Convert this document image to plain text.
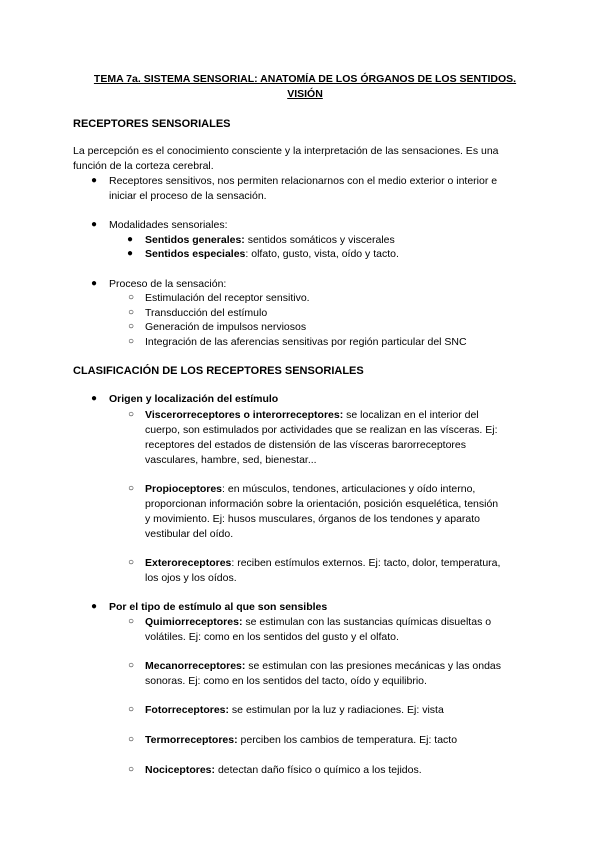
TEMA 7a. SISTEMA SENSORIAL: ANATOMÍA DE LOS ÓRGANOS DE LOS SENTIDOS.
VISIÓN
RECEPTORES SENSORIALES
La percepción es el conocimiento consciente y la interpretación de las sensaciones. Es una
función de la corteza cerebral.
● Receptores sensitivos, nos permiten relacionarnos con el medio exterior o interior e
iniciar el proceso de la sensación.
● Modalidades sensoriales:
● Sentidos generales: sentidos somáticos y viscerales
● Sentidos especiales: olfato, gusto, vista, oído y tacto.
● Proceso de la sensación:
○ Estimulación del receptor sensitivo.
○ Transducción del estímulo
○ Generación de impulsos nerviosos
○ Integración de las aferencias sensitivas por región particular del SNC
CLASIFICACIÓN DE LOS RECEPTORES SENSORIALES
● Origen y localización del estímulo
○ Viscerorreceptores o interorreceptores: se localizan en el interior del
cuerpo, son estimulados por actividades que se realizan en las vísceras. Ej:
receptores del estados de distensión de las vísceras barorreceptores
vasculares, hambre, sed, bienestar...
○ Propioceptores: en músculos, tendones, articulaciones y oído interno,
proporcionan información sobre la orientación, posición esquelética, tensión
y movimiento. Ej: husos musculares, órganos de los tendones y aparato
vestibular del oído.
○ Exteroreceptores: reciben estímulos externos. Ej: tacto, dolor, temperatura,
los ojos y los oídos.
● Por el tipo de estímulo al que son sensibles
○ Quimiorreceptores: se estimulan con las sustancias químicas disueltas o
volátiles. Ej: como en los sentidos del gusto y el olfato.
○ Mecanorreceptores: se estimulan con las presiones mecánicas y las ondas
sonoras. Ej: como en los sentidos del tacto, oído y equilibrio.
○ Fotorreceptores: se estimulan por la luz y radiaciones. Ej: vista
○ Termorreceptores: perciben los cambios de temperatura. Ej: tacto
○ Nociceptores: detectan daño físico o químico a los tejidos.
